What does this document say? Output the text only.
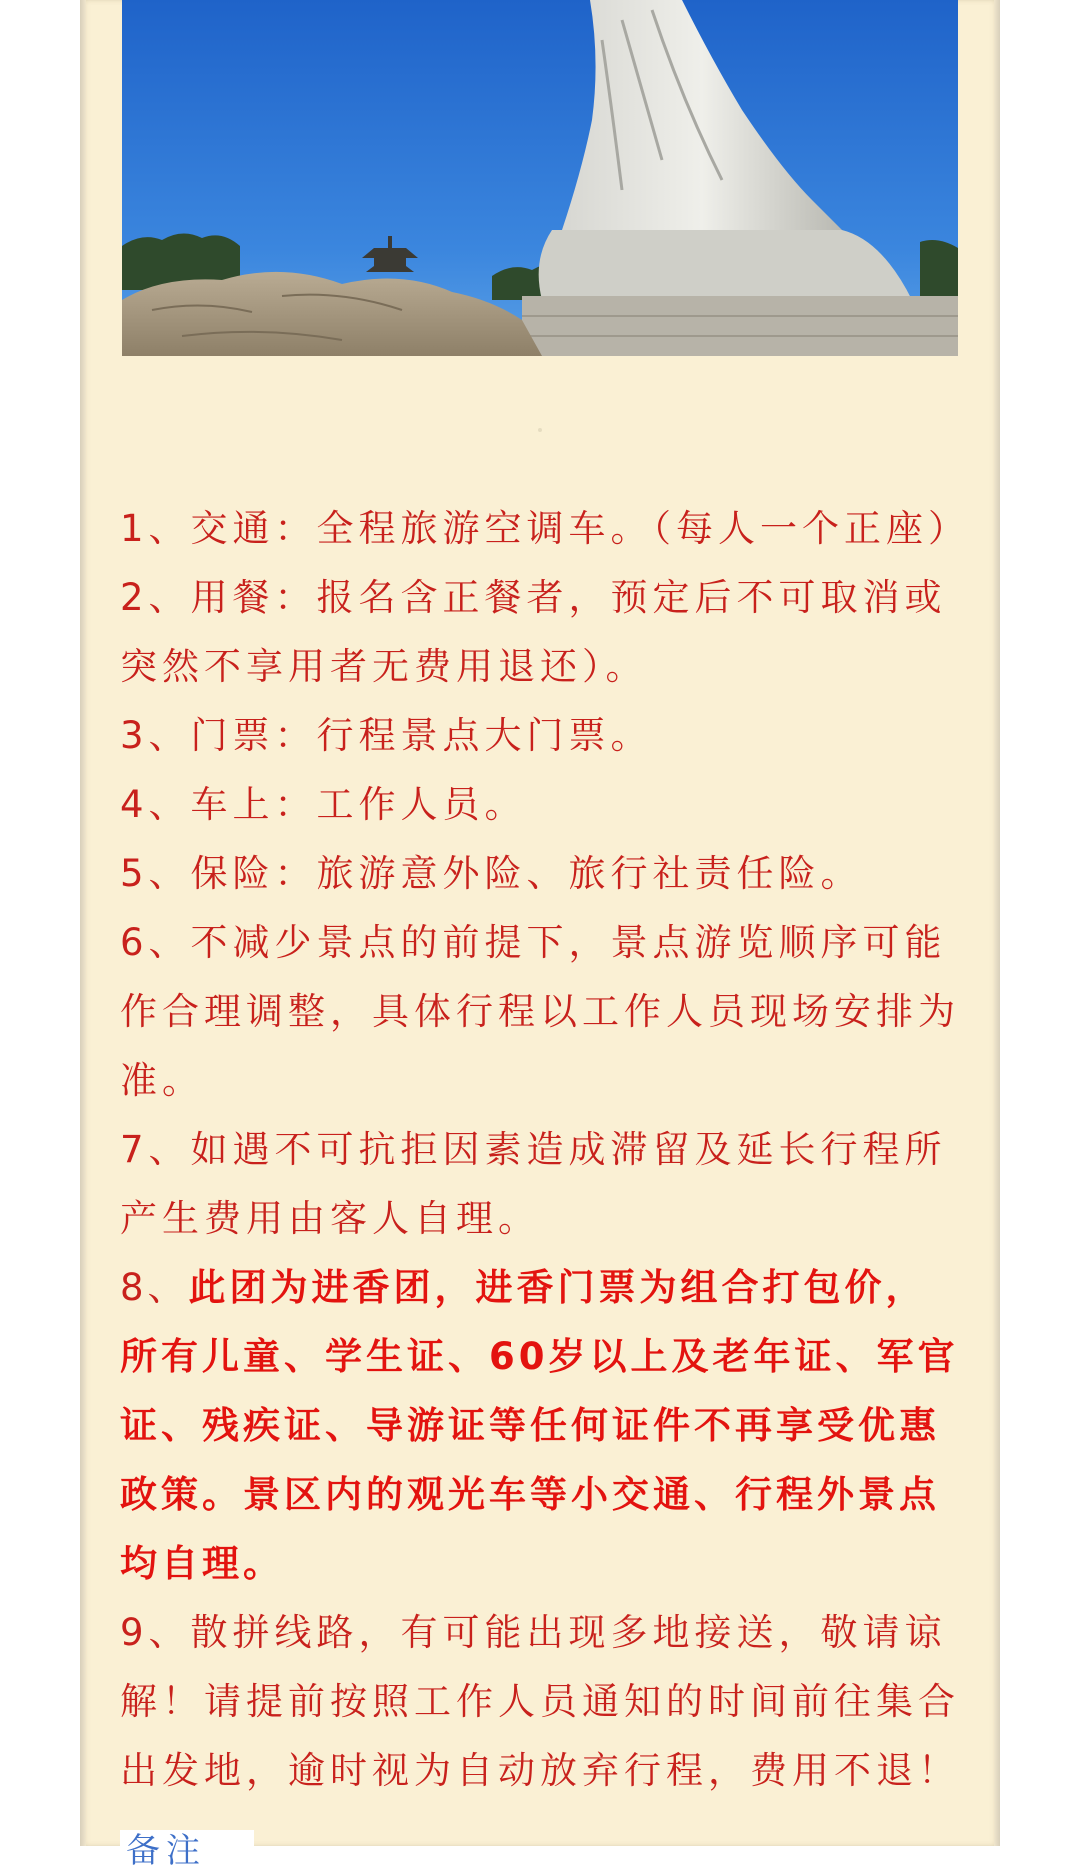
1、交通：全程旅游空调车。（每人一个正座）
2、用餐：报名含正餐者，预定后不可取消或
突然不享用者无费用退还）。
3、门票：行程景点大门票。
4、车上：工作人员。
5、保险：旅游意外险、旅行社责任险。
6、不减少景点的前提下，景点游览顺序可能
作合理调整，具体行程以工作人员现场安排为
准。
7、如遇不可抗拒因素造成滞留及延长行程所
产生费用由客人自理。
8、此团为进香团，进香门票为组合打包价，
所有儿童、学生证、60岁以上及老年证、军官
证、残疾证、导游证等任何证件不再享受优惠
政策。景区内的观光车等小交通、行程外景点
均自理。
9、散拼线路，有可能出现多地接送，敬请谅
解！请提前按照工作人员通知的时间前往集合
出发地，逾时视为自动放弃行程，费用不退！
备注
